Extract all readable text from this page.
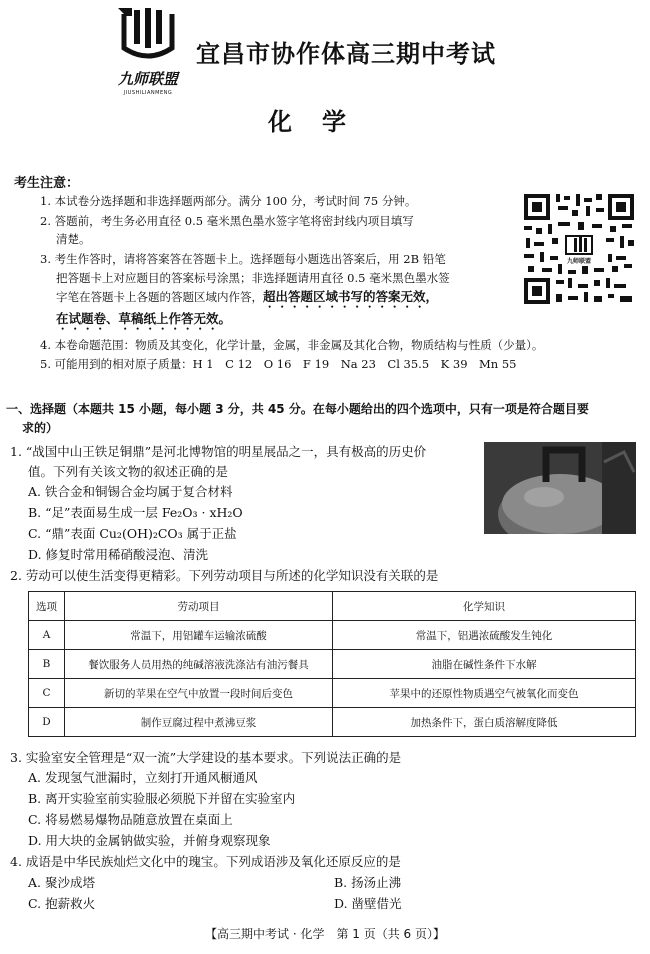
九师联盟
JIUSHILIANMENG
宜昌市协作体高三期中考试
化学
考生注意：
1. 本试卷分选择题和非选择题两部分。满分 100 分，考试时间 75 分钟。
2. 答题前，考生务必用直径 0.5 毫米黑色墨水签字笔将密封线内项目填写
清楚。
3. 考生作答时，请将答案答在答题卡上。选择题每小题选出答案后，用 2B 铅笔
把答题卡上对应题目的答案标号涂黑；非选择题请用直径 0.5 毫米黑色墨水签
字笔在答题卡上各题的答题区域内作答，超出答题区域书写的答案无效，
在试题卷、草稿纸上作答无效。
4. 本卷命题范围：物质及其变化，化学计量，金属，非金属及其化合物，物质结构与性质（少量）。
5. 可能用到的相对原子质量：H 1　C 12　O 16　F 19　Na 23　Cl 35.5　K 39　Mn 55
九师联盟
一、选择题（本题共 15 小题，每小题 3 分，共 45 分。在每小题给出的四个选项中，只有一项是符合题目要
求的）
1. “战国中山王铁足铜鼎”是河北博物馆的明星展品之一，具有极高的历史价
值。下列有关该文物的叙述正确的是
A. 铁合金和铜锡合金均属于复合材料
B. “足”表面易生成一层 Fe₂O₃ · xH₂O
C. “鼎”表面 Cu₂(OH)₂CO₃ 属于正盐
D. 修复时常用稀硝酸浸泡、清洗
2. 劳动可以使生活变得更精彩。下列劳动项目与所述的化学知识没有关联的是
选项	劳动项目	化学知识
A	常温下，用铝罐车运输浓硫酸	常温下，铝遇浓硫酸发生钝化
B	餐饮服务人员用热的纯碱溶液洗涤沾有油污餐具	油脂在碱性条件下水解
C	新切的苹果在空气中放置一段时间后变色	苹果中的还原性物质遇空气被氧化而变色
D	制作豆腐过程中煮沸豆浆	加热条件下，蛋白质溶解度降低
3. 实验室安全管理是“双一流”大学建设的基本要求。下列说法正确的是
A. 发现氢气泄漏时，立刻打开通风橱通风
B. 离开实验室前实验服必须脱下并留在实验室内
C. 将易燃易爆物品随意放置在桌面上
D. 用大块的金属钠做实验，并俯身观察现象
4. 成语是中华民族灿烂文化中的瑰宝。下列成语涉及氧化还原反应的是
A. 聚沙成塔	B. 扬汤止沸
C. 抱薪救火	D. 凿壁借光
【高三期中考试 · 化学　第 1 页（共 6 页）】
